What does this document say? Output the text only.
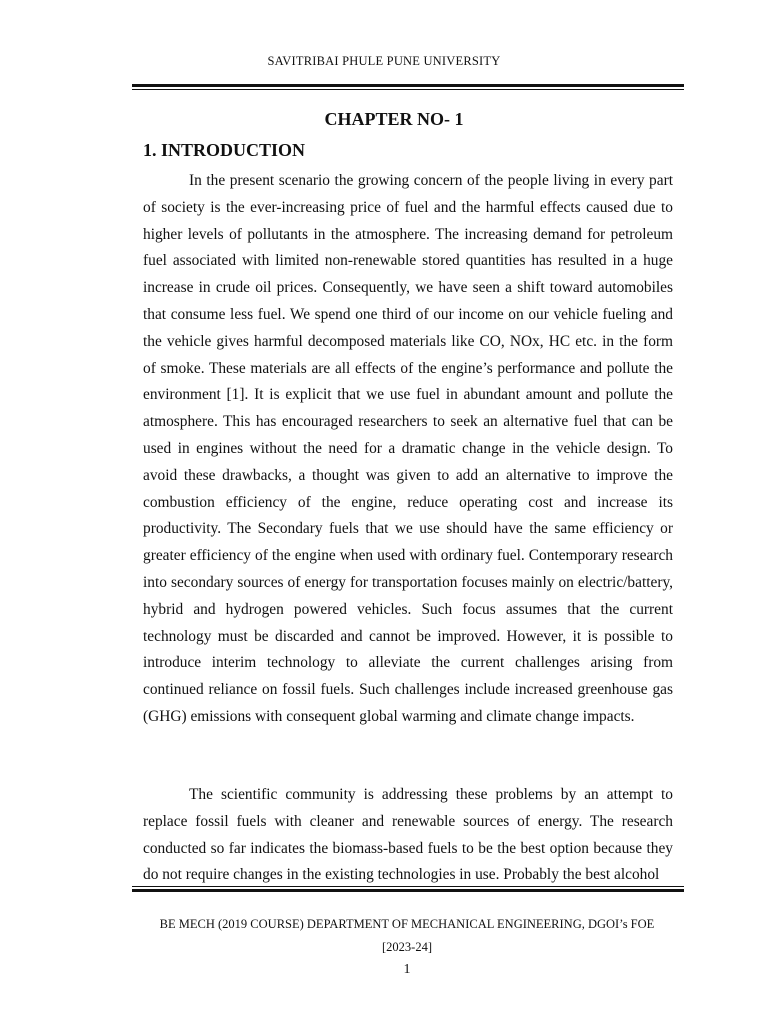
SAVITRIBAI PHULE PUNE UNIVERSITY
CHAPTER NO- 1
1. INTRODUCTION

In the present scenario the growing concern of the people living in every part of society is the ever-increasing price of fuel and the harmful effects caused due to higher levels of pollutants in the atmosphere. The increasing demand for petroleum fuel associated with limited non-renewable stored quantities has resulted in a huge increase in crude oil prices. Consequently, we have seen a shift toward automobiles that consume less fuel. We spend one third of our income on our vehicle fueling and the vehicle gives harmful decomposed materials like CO, NOx, HC etc. in the form of smoke. These materials are all effects of the engine’s performance and pollute the environment [1]. It is explicit that we use fuel in abundant amount and pollute the atmosphere. This has encouraged researchers to seek an alternative fuel that can be used in engines without the need for a dramatic change in the vehicle design. To avoid these drawbacks, a thought was given to add an alternative to improve the combustion efficiency of the engine, reduce operating cost and increase its productivity. The Secondary fuels that we use should have the same efficiency or greater efficiency of the engine when used with ordinary fuel. Contemporary research into secondary sources of energy for transportation focuses mainly on electric/battery, hybrid and hydrogen powered vehicles. Such focus assumes that the current technology must be discarded and cannot be improved. However, it is possible to introduce interim technology to alleviate the current challenges arising from continued reliance on fossil fuels. Such challenges include increased greenhouse gas (GHG) emissions with consequent global warming and climate change impacts.

The scientific community is addressing these problems by an attempt to replace fossil fuels with cleaner and renewable sources of energy. The research conducted so far indicates the biomass-based fuels to be the best option because they do not require changes in the existing technologies in use. Probably the best alcohol

BE MECH (2019 COURSE) DEPARTMENT OF MECHANICAL ENGINEERING, DGOI’s FOE
[2023-24]
1
